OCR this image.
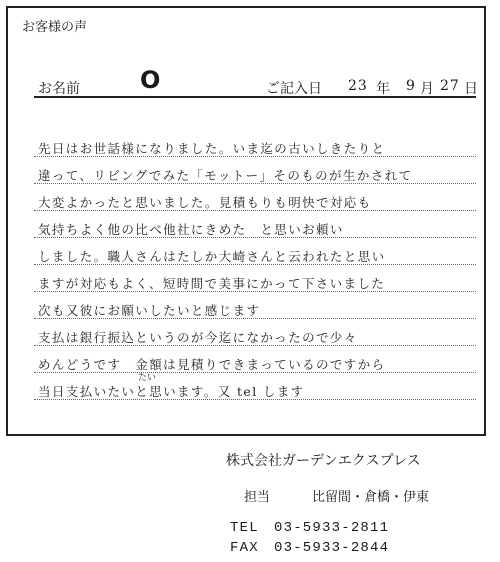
お客様の声
お名前	O	ご記入日 23 年 9 月 27 日
先日はお世話様になりました。いま迄の古いしきたりと
違って、リビングでみた「モットー」そのものが生かされて
大変よかったと思いました。見積もりも明快で対応も
気持ちよく他の比べ他社にきめた　と思いお頼い
しました。職人さんはたしか大崎さんと云われたと思い
ますが対応もよく、短時間で美事にかって下さいました
次も又彼にお願いしたいと感じます
支払は銀行振込というのが今迄になかったので少々
めんどうです　金額は見積りできまっているのですから
当日支払いたいと思います。又 tel します
たい
株式会社ガーデンエクスプレス
担当	比留間・倉橋・伊東
TEL　03-5933-2811
FAX　03-5933-2844
